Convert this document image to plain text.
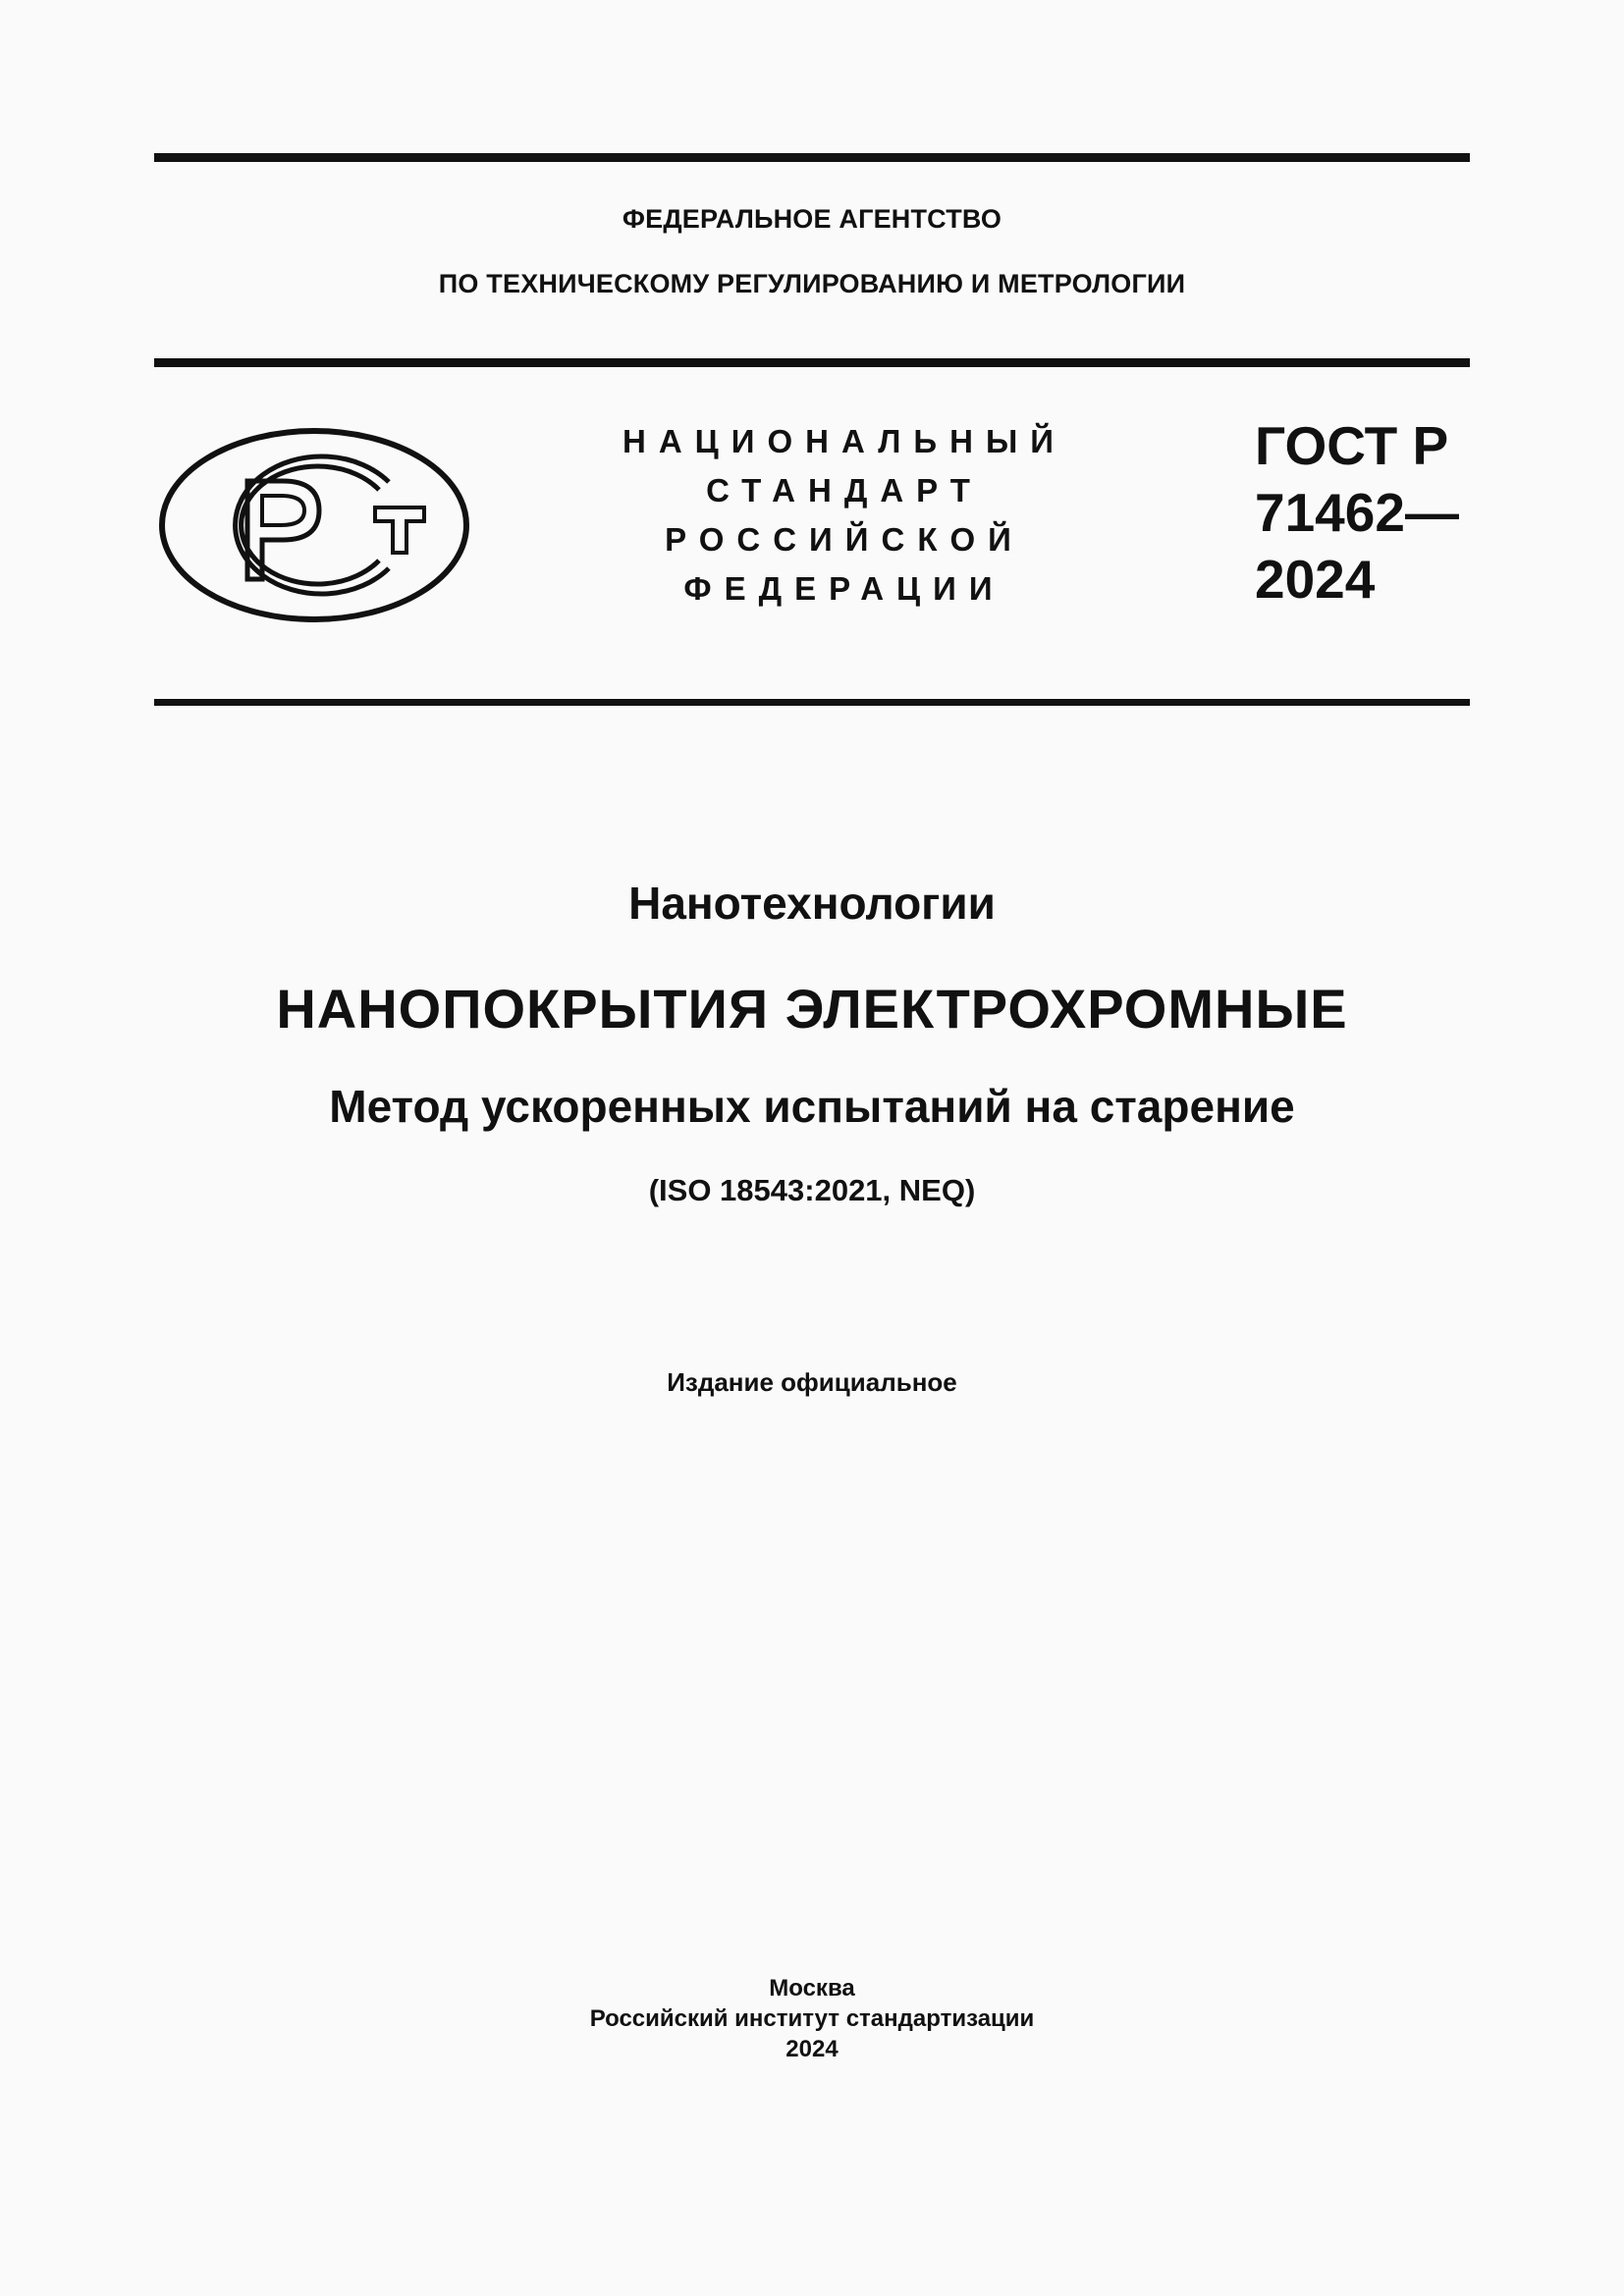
ФЕДЕРАЛЬНОЕ АГЕНТСТВО
ПО ТЕХНИЧЕСКОМУ РЕГУЛИРОВАНИЮ И МЕТРОЛОГИИ
НАЦИОНАЛЬНЫЙ
СТАНДАРТ
РОССИЙСКОЙ
ФЕДЕРАЦИИ
ГОСТ Р
71462—
2024
Нанотехнологии
НАНОПОКРЫТИЯ ЭЛЕКТРОХРОМНЫЕ
Метод ускоренных испытаний на старение
(ISO 18543:2021, NEQ)
Издание официальное
Москва
Российский институт стандартизации
2024
